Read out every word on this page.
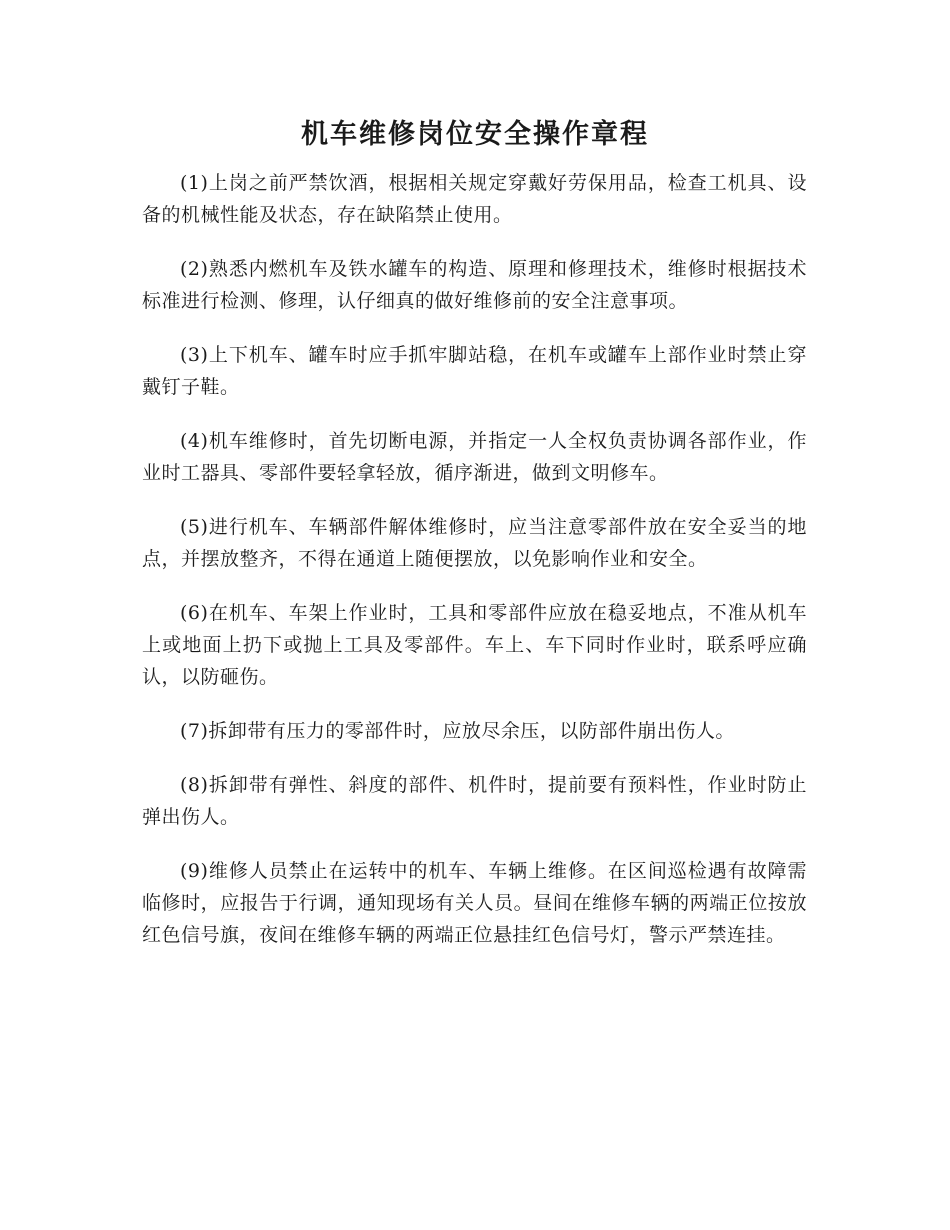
机车维修岗位安全操作章程

(1)上岗之前严禁饮酒，根据相关规定穿戴好劳保用品，检查工机具、设备的机械性能及状态，存在缺陷禁止使用。

(2)熟悉内燃机车及铁水罐车的构造、原理和修理技术，维修时根据技术标准进行检测、修理，认仔细真的做好维修前的安全注意事项。

(3)上下机车、罐车时应手抓牢脚站稳，在机车或罐车上部作业时禁止穿戴钉子鞋。

(4)机车维修时，首先切断电源，并指定一人全权负责协调各部作业，作业时工器具、零部件要轻拿轻放，循序渐进，做到文明修车。

(5)进行机车、车辆部件解体维修时，应当注意零部件放在安全妥当的地点，并摆放整齐，不得在通道上随便摆放，以免影响作业和安全。

(6)在机车、车架上作业时，工具和零部件应放在稳妥地点，不准从机车上或地面上扔下或抛上工具及零部件。车上、车下同时作业时，联系呼应确认，以防砸伤。

(7)拆卸带有压力的零部件时，应放尽余压，以防部件崩出伤人。

(8)拆卸带有弹性、斜度的部件、机件时，提前要有预料性，作业时防止弹出伤人。

(9)维修人员禁止在运转中的机车、车辆上维修。在区间巡检遇有故障需临修时，应报告于行调，通知现场有关人员。昼间在维修车辆的两端正位按放红色信号旗，夜间在维修车辆的两端正位悬挂红色信号灯，警示严禁连挂。
